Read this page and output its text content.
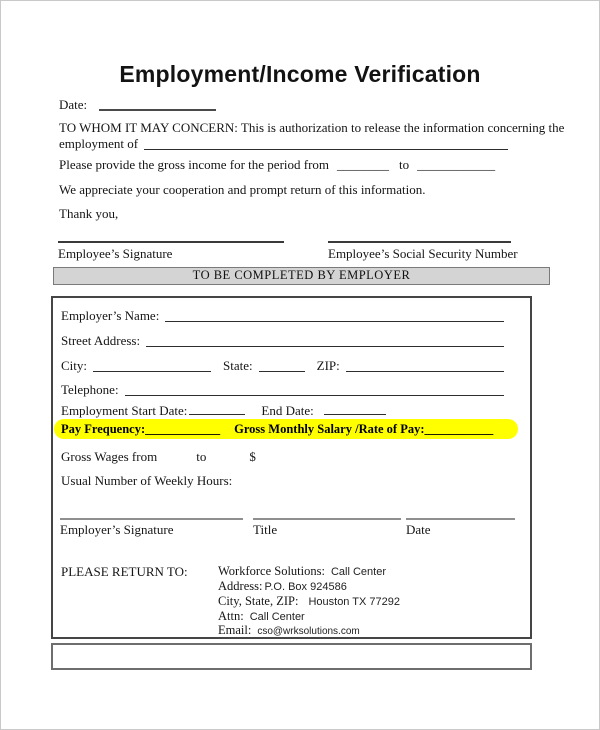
Employment/Income Verification
Date:
TO WHOM IT MAY CONCERN: This is authorization to release the information concerning the
employment of
Please provide the gross income for the period from ________ to ____________
We appreciate your cooperation and prompt return of this information.
Thank you,
Employee’s Signature	Employee’s Social Security Number
TO BE COMPLETED BY EMPLOYER
Employer’s Name:
Street Address:
City:	State:	ZIP:
Telephone:
Employment Start Date:	End Date:
Pay Frequency: ____________ Gross Monthly Salary /Rate of Pay: ___________
Gross Wages from	to	$
Usual Number of Weekly Hours:
Employer’s Signature	Title	Date
PLEASE RETURN TO: Workforce Solutions: Call Center
Address: P.O. Box 924586
City, State, ZIP: Houston TX 77292
Attn: Call Center
Email: cso@wrksolutions.com
